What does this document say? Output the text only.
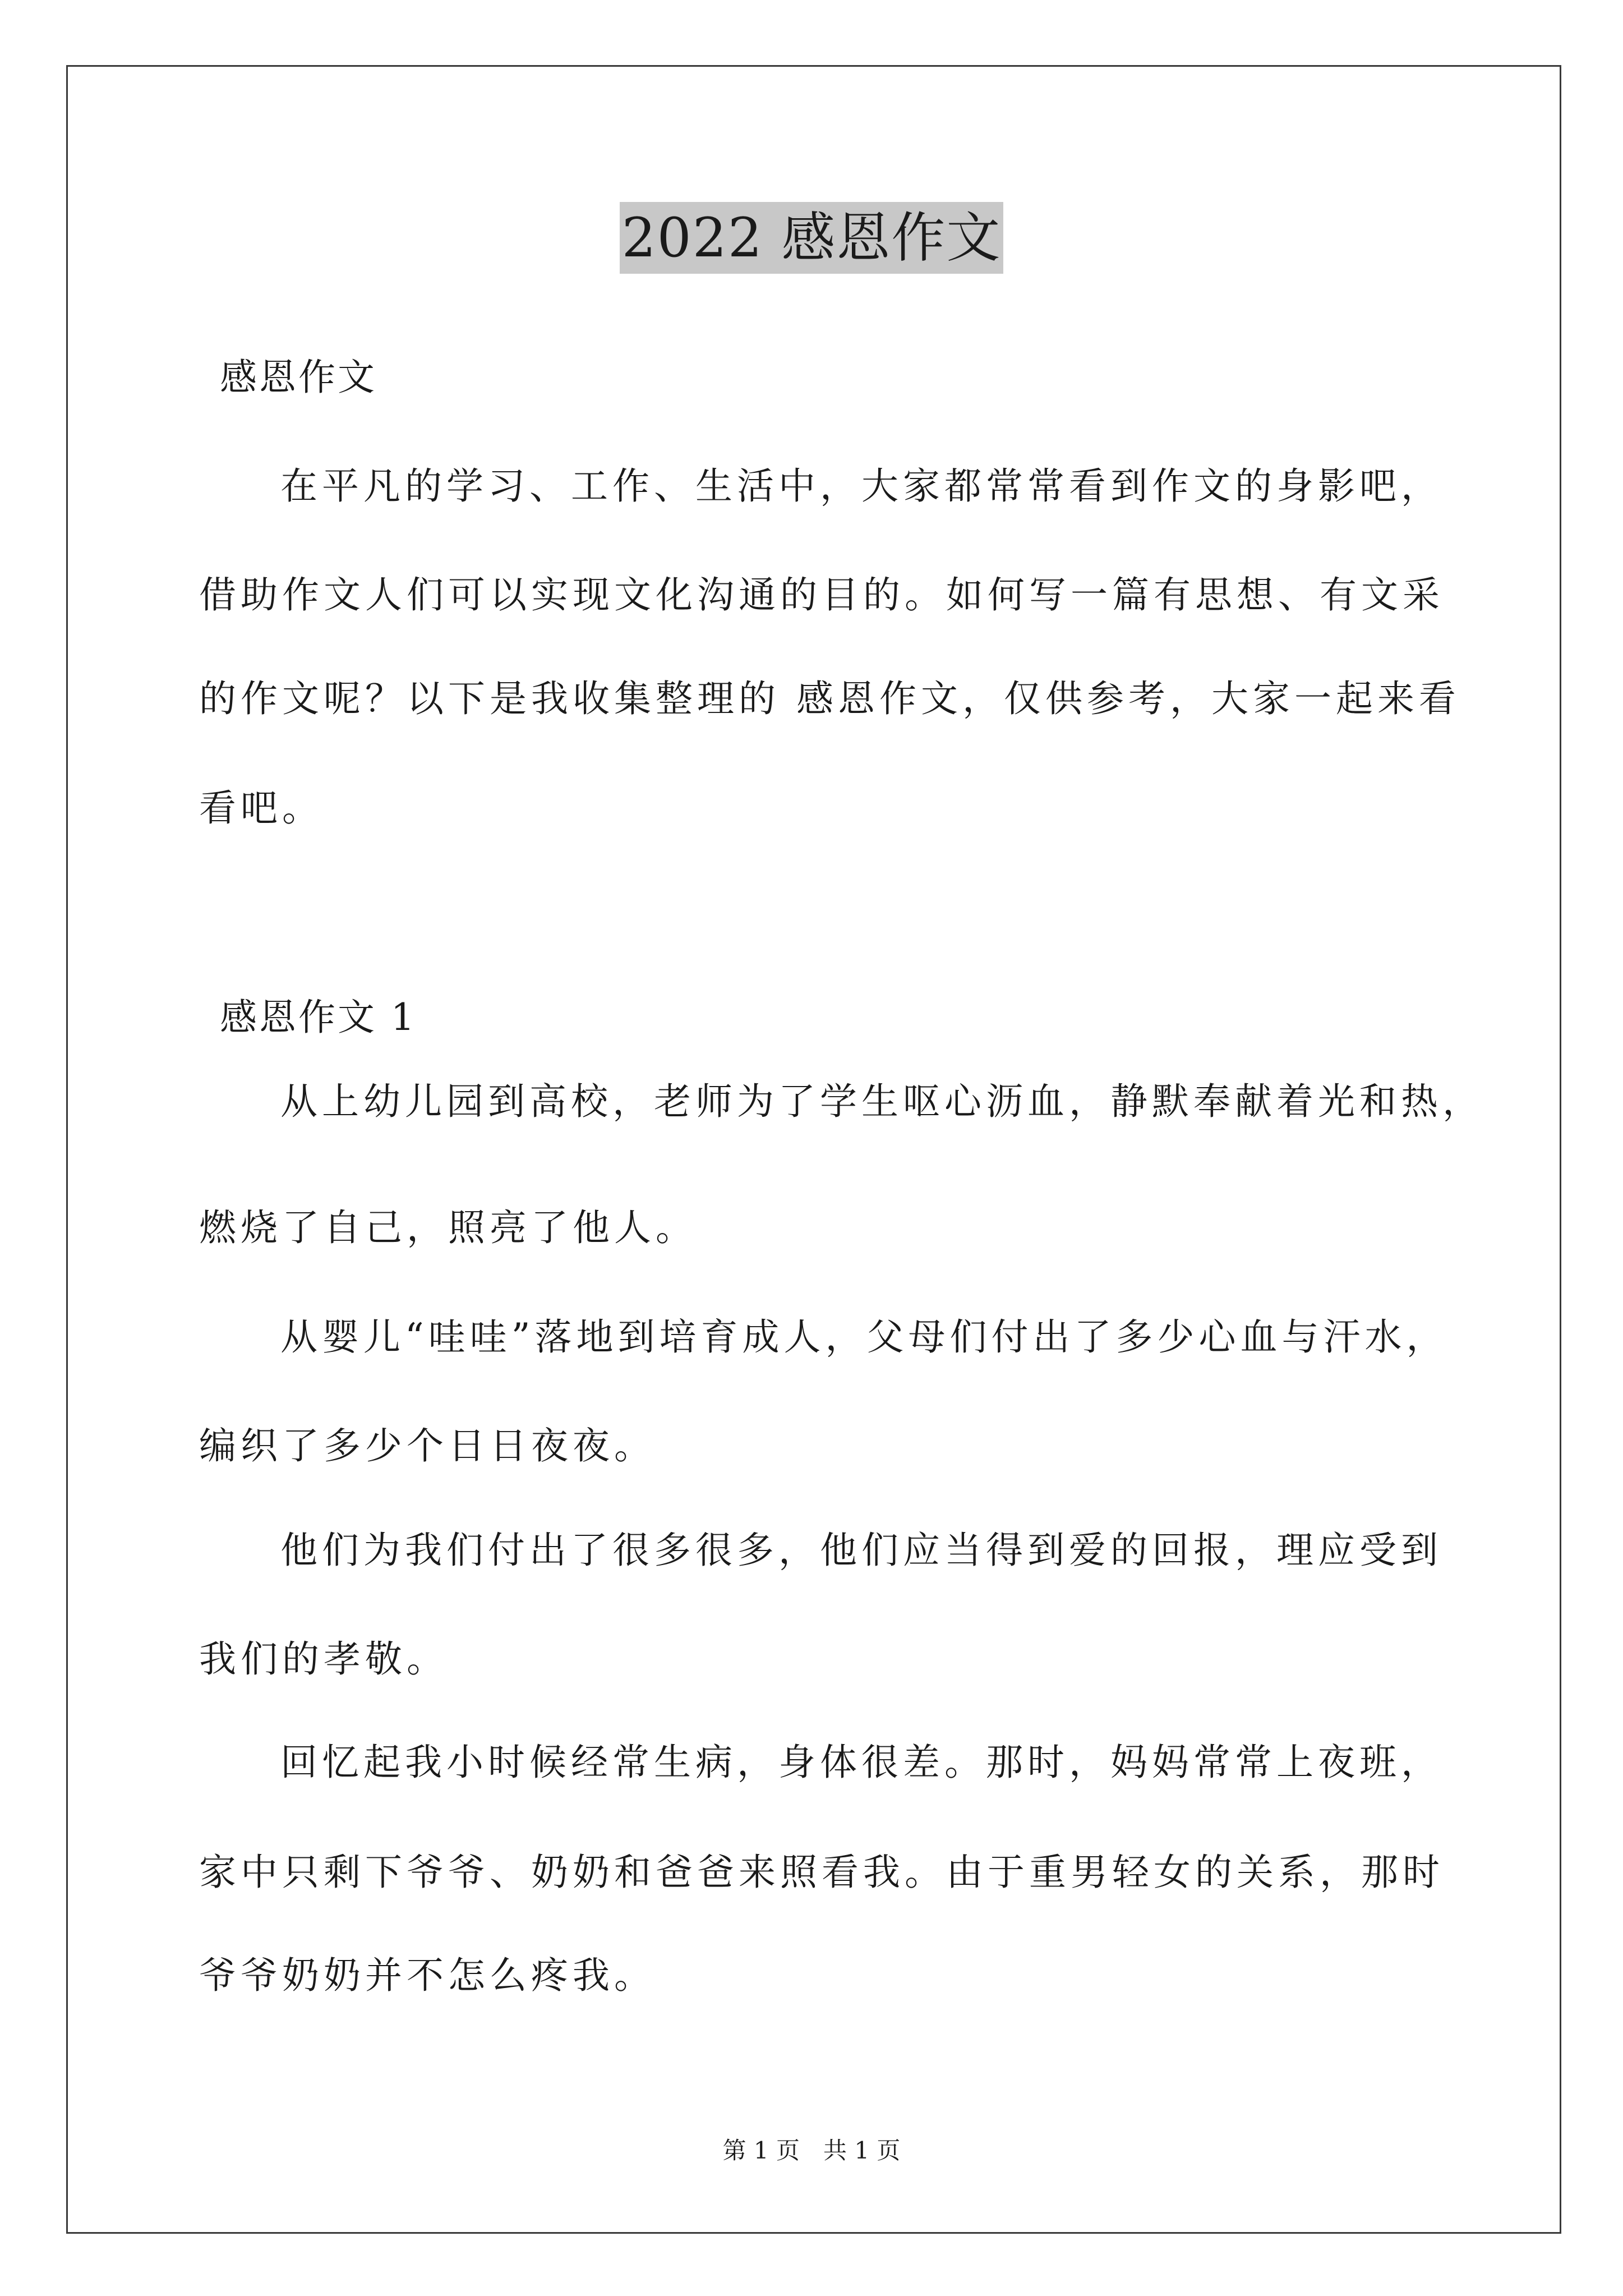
2022 感恩作文

感恩作文

在平凡的学习、工作、生活中，大家都常常看到作文的身影吧，

借助作文人们可以实现文化沟通的目的。如何写一篇有思想、有文采

的作文呢？以下是我收集整理的 感恩作文，仅供参考，大家一起来看

看吧。

感恩作文 1

从上幼儿园到高校，老师为了学生呕心沥血，静默奉献着光和热，

燃烧了自己，照亮了他人。

从婴儿“哇哇”落地到培育成人，父母们付出了多少心血与汗水，

编织了多少个日日夜夜。

他们为我们付出了很多很多，他们应当得到爱的回报，理应受到

我们的孝敬。

回忆起我小时候经常生病，身体很差。那时，妈妈常常上夜班，

家中只剩下爷爷、奶奶和爸爸来照看我。由于重男轻女的关系，那时

爷爷奶奶并不怎么疼我。

第 1 页　共 1 页
